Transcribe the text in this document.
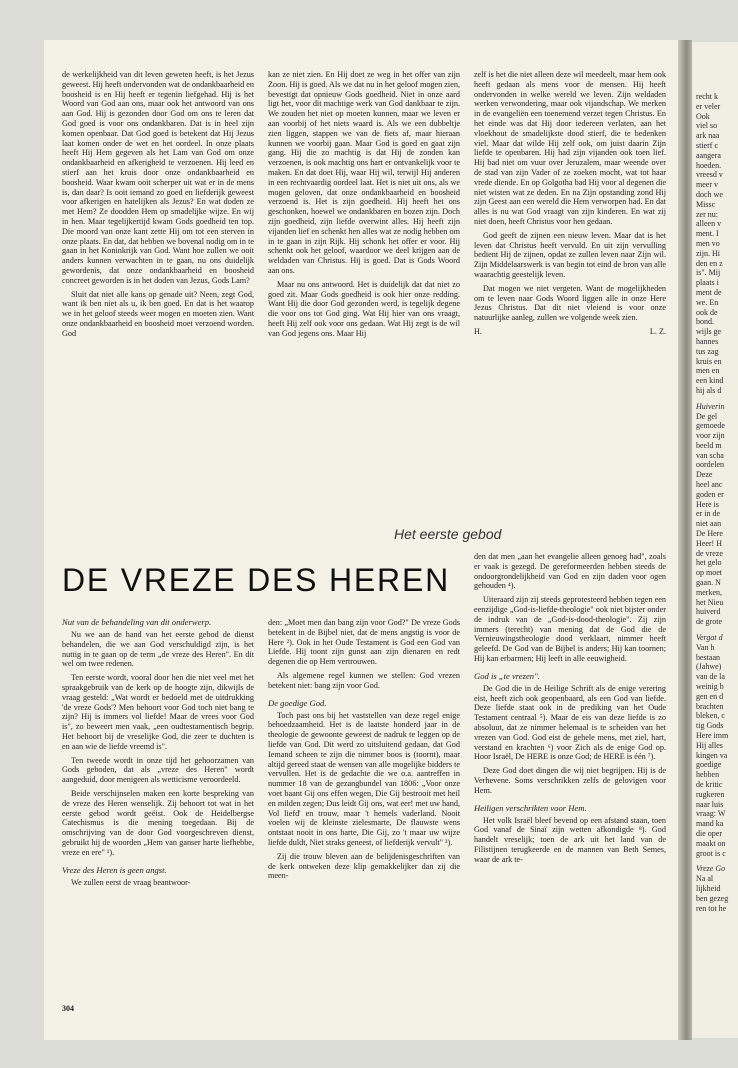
de werkelijkheid van dit leven geweten heeft, is het Jezus geweest. Hij heeft ondervonden wat de ondankbaarheid en boosheid is en Hij heeft er tegenin liefgehad. Hij is het Woord van God aan ons, maar ook het antwoord van ons aan God. Hij is gezonden door God om ons te leren dat God goed is voor ons ondankbaren. Dat is in heel zijn komen openbaar. Dat God goed is betekent dat Hij Jezus laat komen onder de wet en het oordeel. In onze plaats heeft Hij Hem gegeven als het Lam van God om onze ondankbaarheid en afkerigheid te verzoenen. Hij leed en stierf aan het kruis door onze ondankbaarheid en boosheid. Waar kwam ooit scherper uit wat er in de mens is, dan daar? Is ooit iemand zo goed en liefderijk geweest voor afkerigen en hatelijken als Jezus? En wat doden ze met Hem? Ze doodden Hem op smadelijke wijze. En wij in hen. Maar tegelijkertijd kwam Gods goedheid ten top. Die moord van onze kant zette Hij om tot een sterven in onze plaats. En dat, dat hebben we bovenal nodig om in te gaan in het Koninkrijk van God. Want hoe zullen we ooit anders kunnen verwachten in te gaan, nu ons duidelijk gewordenis, dat onze ondankbaarheid en boosheid concreet geworden is in het doden van Jezus, Gods Lam?

Sluit dat niet alle kans op genade uit? Neen, zegt God, want ik ben niet als u, ik ben goed. En dat is het waarop we in het geloof steeds weer mogen en moeten zien. Want onze ondankbaarheid en boosheid moet verzoend worden. God

kan ze niet zien. En Hij doet ze weg in het offer van zijn Zoon. Hij is goed. Als we dat nu in het geloof mogen zien, bevestigt dat opnieuw Gods goedheid. Niet in onze aard ligt het, voor dit machtige werk van God dankbaar te zijn. We zouden het niet op moeten kunnen, maar we leven er aan voorbij of het niets waard is. Als we een dubbeltje zien liggen, stappen we van de fiets af, maar hieraan kunnen we voorbij gaan. Maar God is goed en gaat zijn gang. Hij die zo machtig is dat Hij de zonden kan verzoenen, is ook machtig ons hart er ontvankelijk voor te maken. En dat doet Hij, waar Hij wil, terwijl Hij anderen in een rechtvaardig oordeel laat. Het is niet uit ons, als we mogen geloven, dat onze ondankbaarheid en boosheid verzoend is. Het is zijn goedheid. Hij heeft het ons geschonken, hoewel we ondankbaren en bozen zijn. Doch zijn goedheid, zijn liefde overwint alles. Hij heeft zijn vijanden lief en schenkt hen alles wat ze nodig hebben om in te gaan in zijn Rijk. Hij schonk het offer er voor. Hij schenkt ook het geloof, waardoor we deel krijgen aan de weldaden van Christus. Hij is goed. Dat is Gods Woord aan ons.

Maar nu ons antwoord. Het is duidelijk dat dat niet zo goed zit. Maar Gods goedheid is ook hier onze redding. Want Hij die door God gezonden werd, is tegelijk degene die voor ons tot God ging. Wat Hij hier van ons vraagt, heeft Hij zelf ook voor ons gedaan. Wat Hij zegt is de wil van God jegens ons. Maar Hij

zelf is het die niet alleen deze wil meedeelt, maar hem ook heeft gedaan als mens voor de mensen. Hij heeft ondervonden in welke wereld we leven. Zijn weldaden werken verwondering, maar ook vijandschap. We merken in de evangeliën een toenemend verzet tegen Christus. En het einde was dat Hij door iedereen verlaten, aan het vloekhout de smadelijkste dood stierf, die te bedenken viel. Maar dat wilde Hij zelf ook, om juist daarin Zijn liefde te openbaren. Hij had zijn vijanden ook toen lief. Hij bad niet om vuur over Jeruzalem, maar weende over de stad van zijn Vader of ze zoeken mocht, wat tot haar vrede diende. En op Golgotha bad Hij voor al degenen die niet wisten wat ze deden. En na Zijn opstanding zond Hij zijn Geest aan een wereld die Hem verworpen had. En dat alles is nu wat God vraagt van zijn kinderen. En wat zij niet doen, heeft Christus voor hen gedaan.

God geeft de zijnen een nieuw leven. Maar dat is het leven dat Christus heeft vervuld. En uit zijn vervulling bedient Hij de zijnen, opdat ze zullen leven naar Zijn wil. Zijn Middelaarswerk is van begin tot eind de bron van alle waarachtig geestelijk leven.

Dat mogen we niet vergeten. Want de mogelijkheden om te leven naar Gods Woord liggen alle in onze Here Jezus Christus. Dat dit niet vleiend is voor onze natuurlijke aanleg, zullen we volgende week zien.

H.	L. Z.
Het eerste gebod
DE VREZE DES HEREN
Nut van de behandeling van dit onderwerp.

Nu we aan de hand van het eerste gebod de dienst behandelen, die we aan God verschuldigd zijn, is het nuttig in te gaan op de term „de vreze des Heren". En dit wel om twee redenen.

Ten eerste wordt, vooral door hen die niet veel met het spraakgebruik van de kerk op de hoogte zijn, dikwijls de vraag gesteld: „Wat wordt er bedoeld met de uitdrukking 'de vreze Gods'? Men behoort voor God toch niet bang te zijn? Hij is immers vol liefde! Maar de vrees voor God is", zo beweert men vaak, „een oudtestamentisch begrip. Het behoort bij de vreselijke God, die zeer te duchten is en aan wie de liefde vreemd is".

Ten tweede wordt in onze tijd het gehoorzamen van Gods geboden, dat als „vreze des Heren" wordt aangeduid, door menigeen als wetticisme veroordeeld.

Beide verschijnselen maken een korte bespreking van de vreze des Heren wenselijk. Zij behoort tot wat in het eerste gebod wordt geëist. Ook de Heidelbergse Catechismus is die mening toegedaan. Bij de omschrijving van de door God voorgeschreven dienst, gebruikt hij de woorden „Hem van ganser harte liefhebbe, vreze en ere" ¹).

Vreze des Heren is geen angst.

We zullen eerst de vraag beantwoor-

den: „Moet men dan bang zijn voor God?" De vreze Gods betekent in de Bijbel niet, dat de mens angstig is voor de Here ²). Ook in het Oude Testament is God een God van Liefde. Hij toont zijn gunst aan zijn dienaren en redt degenen die op Hem vertrouwen.

Als algemene regel kunnen we stellen: God vrezen betekent niet: bang zijn voor God.

De goedige God.

Toch past ons bij het vaststellen van deze regel enige behoedzaamheid. Het is de laatste honderd jaar in de theologie de gewoonte geweest de nadruk te leggen op de liefde van God. Dit werd zo uitsluitend gedaan, dat God Iemand scheen te zijn die nimmer boos is (toornt), maar altijd gereed staat de wensen van alle mogelijke bidders te vervullen. Het is de gedachte die we o.a. aantreffen in nummer 18 van de gezangbundel van 1806: „Voor onze voet baant Gij ons effen wegen, Die Gij bestrooit met heil en milden zegen; Dus leidt Gij ons, wat eer! met uw hand, Vol liefd' en trouw, maar 't hemels vaderland. Nooit voelen wij de kleinste zielesmarte, De flauwste wens ontstaat nooit in ons harte, Die Gij, zo 't maar uw wijze liefde duldt, Niet straks geneest, of liefderijk vervult" ³).

Zij die trouw bleven aan de belijdenisgeschriften van de kerk ontweken deze klip gemakkelijker dan zij die meen-

den dat men „aan het evangelie alleen genoeg had", zoals er vaak is gezegd. De gereformeerden hebben steeds de ondoorgrondelijkheid van God en zijn daden voor ogen gehouden ⁴).

Uiteraard zijn zij steeds geprotesteerd hebben tegen een eenzijdige „God-is-liefde-theologie" ook niet bijster onder de indruk van de „God-is-dood-theologie". Zij zijn immers (terecht) van mening dat de God die de Vernieuwingstheologie dood verklaart, nimmer heeft geleefd. De God van de Bijbel is anders; Hij kan toornen; Hij kan erbarmen; Hij leeft in alle eeuwigheid.

God is „te vrezen".

De God die in de Heilige Schrift als de enige verering eist, heeft zich ook geopenbaard, als een God van liefde. Deze liefde staat ook in de prediking van het Oude Testament centraal ⁵). Maar de eis van deze liefde is zo absoluut, dat ze nimmer helemaal is te scheiden van het vrezen van God. God eist de gehele mens, met ziel, hart, verstand en krachten ⁶) voor Zich als de enige God op. Hoor Israël, De HERE is onze God; de HERE is één ⁷).

Deze God doet dingen die wij niet begrijpen. Hij is de Verhevene. Soms verschrikken zelfs de gelovigen voor Hem.

Heiligen verschrikten voor Hem.

Het volk Israël bleef bevend op een afstand staan, toen God vanaf de Sinaï zijn wetten afkondigde ⁸). God handelt vreselijk; toen de ark uit het land van de Filistijnen terugkeerde en de mannen van Beth Semes, waar de ark te-

304
recht k
er veler
Ook
viel so
ark naa
stierf c
aangera
hoeden.
vreesd v
meer v
doch we
Missc
zer nu:
alleen v
ment. I
men vo
zijn. Hi
den en z
is". Mij
plaats i
ment de
we. En
ook de
bond.
wijls ge
hannes
tus zag
kruis en
men en
een kind
hij als d
Huiverin
De gel
gemoede
voor zijn
beeld m
van scha
oordelen
Deze
heel anc
goden er
Here is
er in de
niet aan
De Here
Heer! H
de vreze
het gelo
op moet
gaan. N
merken,
het Nieu
huiverd
de grote
Vergat d
Van h
bestaan
(Jahwe)
van de la
weinig b
gen en d
brachten
bleken, c
tig Gods
Here imm
Hij alles
kingen va
goedige
hebben
de kritic
rugkeren
naar luis
vraag: W
mand ka
die oper
maakt on
groot is c
Vreze Go
Na al
lijkheid
ben gezeg
ren tot he
